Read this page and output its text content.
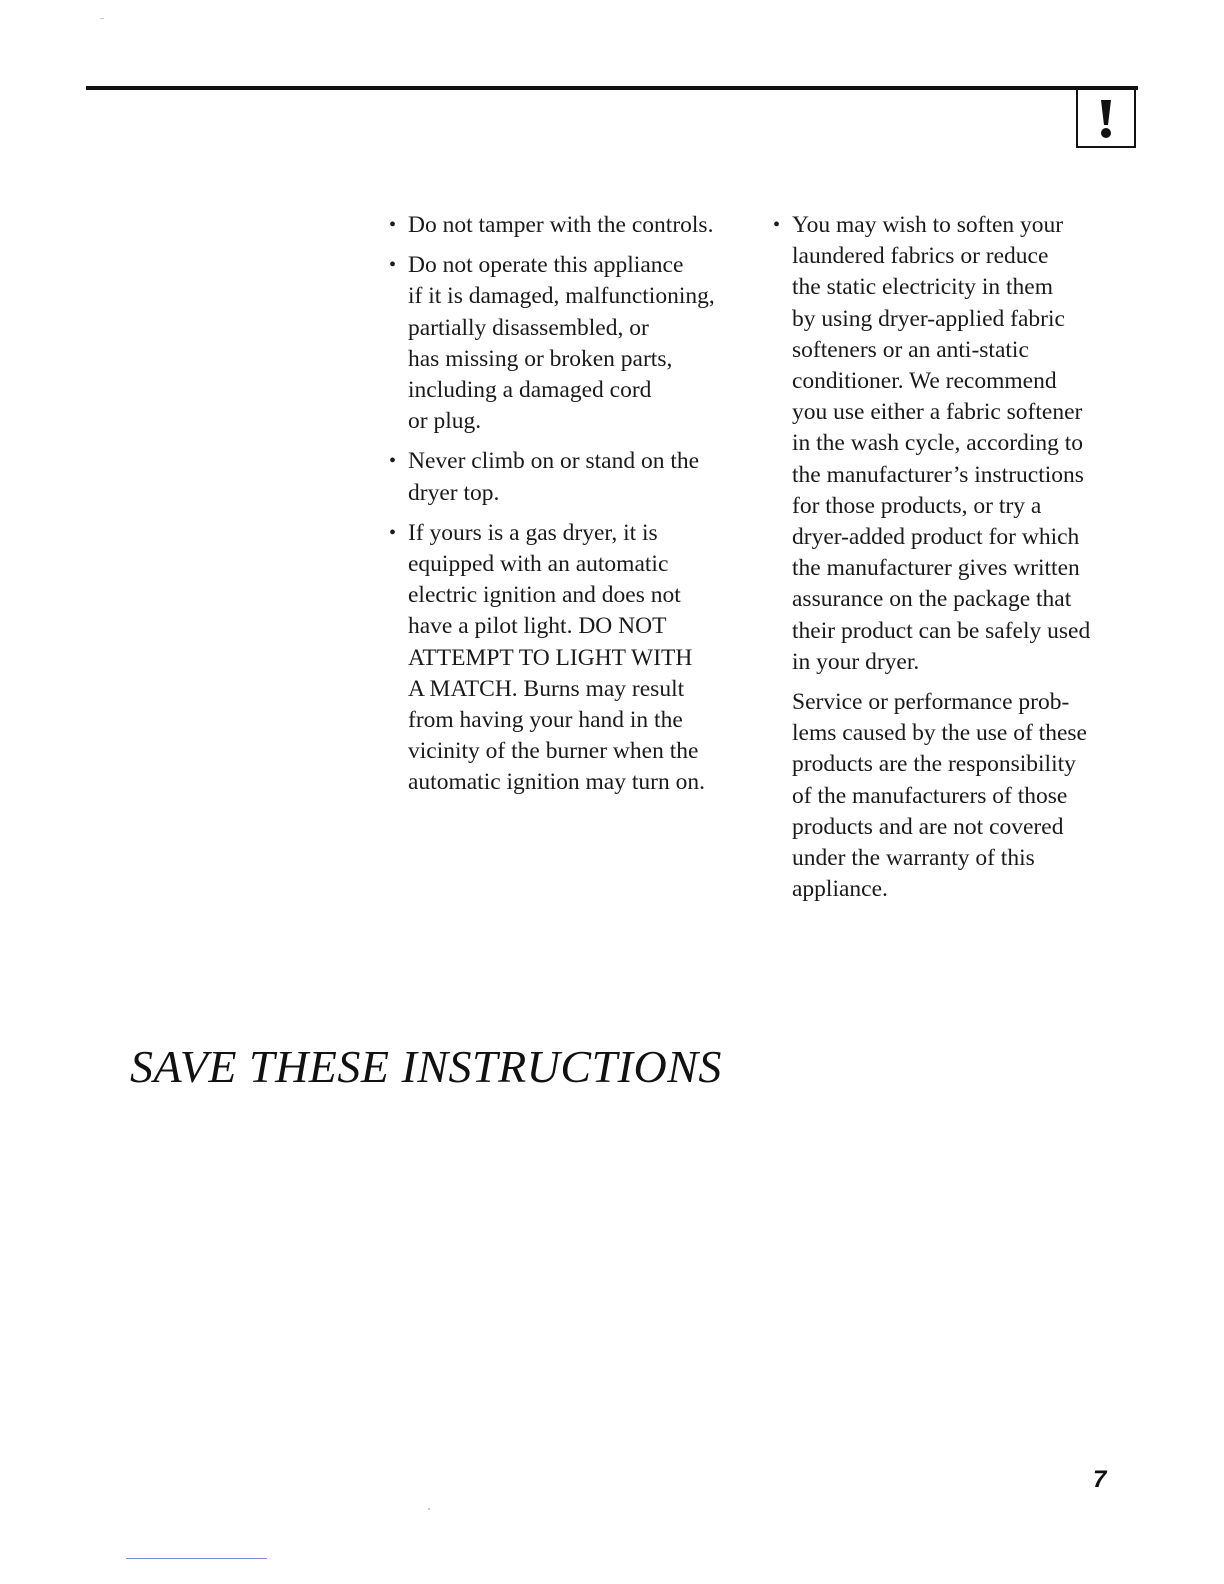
• Do not tamper with the controls.
• Do not operate this appliance
if it is damaged, malfunctioning,
partially disassembled, or
has missing or broken parts,
including a damaged cord
or plug.
• Never climb on or stand on the
dryer top.
• If yours is a gas dryer, it is
equipped with an automatic
electric ignition and does not
have a pilot light. DO NOT
ATTEMPT TO LIGHT WITH
A MATCH. Burns may result
from having your hand in the
vicinity of the burner when the
automatic ignition may turn on.
• You may wish to soften your
laundered fabrics or reduce
the static electricity in them
by using dryer-applied fabric
softeners or an anti-static
conditioner. We recommend
you use either a fabric softener
in the wash cycle, according to
the manufacturer’s instructions
for those products, or try a
dryer-added product for which
the manufacturer gives written
assurance on the package that
their product can be safely used
in your dryer.
Service or performance prob-
lems caused by the use of these
products are the responsibility
of the manufacturers of those
products and are not covered
under the warranty of this
appliance.
SAVE THESE INSTRUCTIONS
7
